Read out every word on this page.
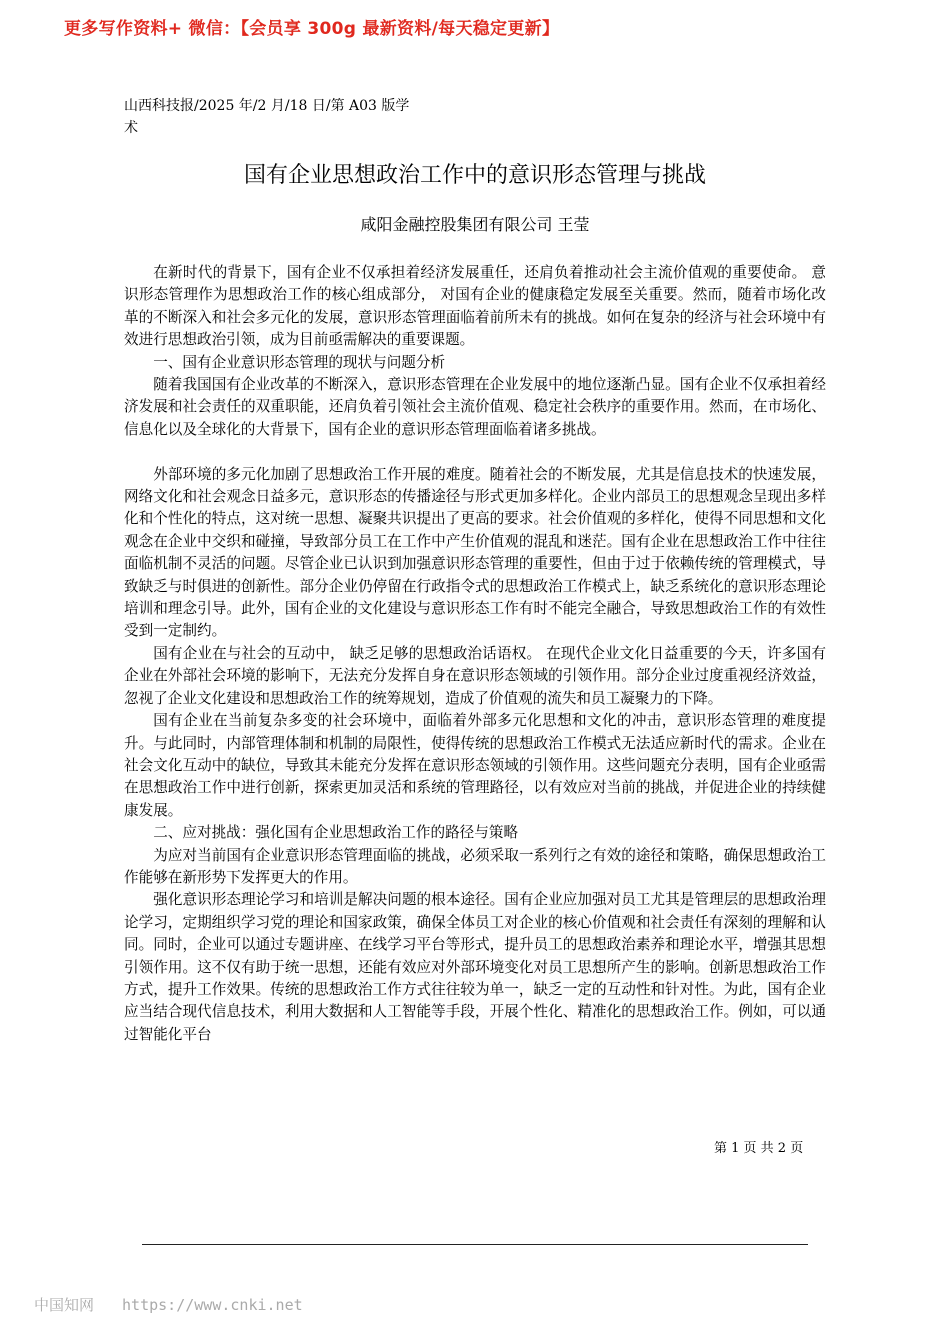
更多写作资料+ 微信：【会员享 300g 最新资料/每天稳定更新】
山西科技报/2025 年/2 月/18 日/第 A03 版学术
国有企业思想政治工作中的意识形态管理与挑战
咸阳金融控股集团有限公司 王莹

在新时代的背景下，国有企业不仅承担着经济发展重任，还肩负着推动社会主流价值观的重要使命。 意识形态管理作为思想政治工作的核心组成部分， 对国有企业的健康稳定发展至关重要。然而，随着市场化改革的不断深入和社会多元化的发展，意识形态管理面临着前所未有的挑战。如何在复杂的经济与社会环境中有效进行思想政治引领，成为目前亟需解决的重要课题。

一、国有企业意识形态管理的现状与问题分析

随着我国国有企业改革的不断深入，意识形态管理在企业发展中的地位逐渐凸显。国有企业不仅承担着经济发展和社会责任的双重职能，还肩负着引领社会主流价值观、稳定社会秩序的重要作用。然而，在市场化、信息化以及全球化的大背景下，国有企业的意识形态管理面临着诸多挑战。

外部环境的多元化加剧了思想政治工作开展的难度。随着社会的不断发展，尤其是信息技术的快速发展，网络文化和社会观念日益多元，意识形态的传播途径与形式更加多样化。企业内部员工的思想观念呈现出多样化和个性化的特点，这对统一思想、凝聚共识提出了更高的要求。社会价值观的多样化，使得不同思想和文化观念在企业中交织和碰撞，导致部分员工在工作中产生价值观的混乱和迷茫。国有企业在思想政治工作中往往面临机制不灵活的问题。尽管企业已认识到加强意识形态管理的重要性，但由于过于依赖传统的管理模式，导致缺乏与时俱进的创新性。部分企业仍停留在行政指令式的思想政治工作模式上，缺乏系统化的意识形态理论培训和理念引导。此外，国有企业的文化建设与意识形态工作有时不能完全融合，导致思想政治工作的有效性受到一定制约。

国有企业在与社会的互动中， 缺乏足够的思想政治话语权。 在现代企业文化日益重要的今天，许多国有企业在外部社会环境的影响下，无法充分发挥自身在意识形态领域的引领作用。部分企业过度重视经济效益，忽视了企业文化建设和思想政治工作的统筹规划，造成了价值观的流失和员工凝聚力的下降。

国有企业在当前复杂多变的社会环境中，面临着外部多元化思想和文化的冲击，意识形态管理的难度提升。与此同时，内部管理体制和机制的局限性，使得传统的思想政治工作模式无法适应新时代的需求。企业在社会文化互动中的缺位，导致其未能充分发挥在意识形态领域的引领作用。这些问题充分表明，国有企业亟需在思想政治工作中进行创新，探索更加灵活和系统的管理路径，以有效应对当前的挑战，并促进企业的持续健康发展。

二、应对挑战：强化国有企业思想政治工作的路径与策略

为应对当前国有企业意识形态管理面临的挑战，必须采取一系列行之有效的途径和策略，确保思想政治工作能够在新形势下发挥更大的作用。

强化意识形态理论学习和培训是解决问题的根本途径。国有企业应加强对员工尤其是管理层的思想政治理论学习，定期组织学习党的理论和国家政策，确保全体员工对企业的核心价值观和社会责任有深刻的理解和认同。同时，企业可以通过专题讲座、在线学习平台等形式，提升员工的思想政治素养和理论水平，增强其思想引领作用。这不仅有助于统一思想，还能有效应对外部环境变化对员工思想所产生的影响。创新思想政治工作方式，提升工作效果。传统的思想政治工作方式往往较为单一，缺乏一定的互动性和针对性。为此，国有企业应当结合现代信息技术，利用大数据和人工智能等手段，开展个性化、精准化的思想政治工作。例如，可以通过智能化平台

第 1 页 共 2 页
中国知网 https://www.cnki.net
